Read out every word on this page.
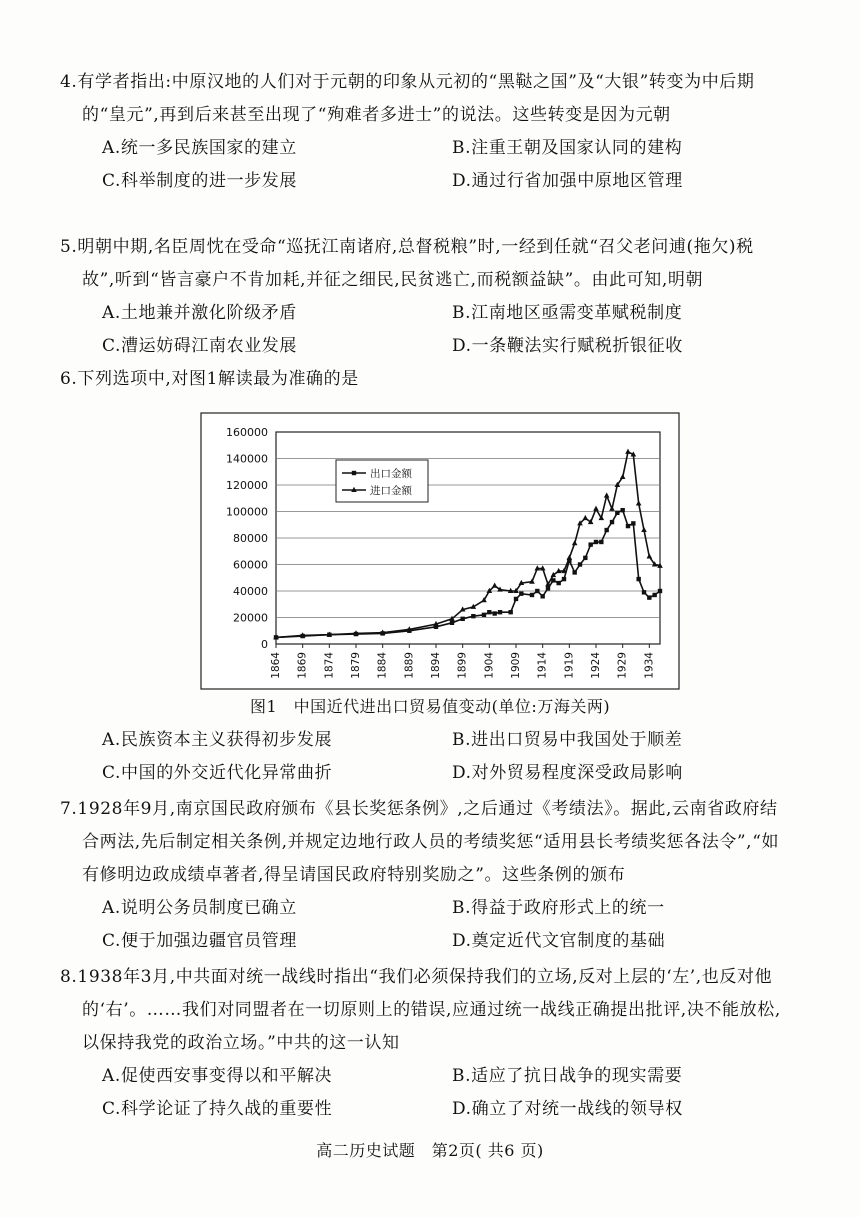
4.有学者指出:中原汉地的人们对于元朝的印象从元初的“黑鞑之国”及“大银”转变为中后期的“皇元”,再到后来甚至出现了“殉难者多进士”的说法。这些转变是因为元朝

A.统一多民族国家的建立	B.注重王朝及国家认同的建构
C.科举制度的进一步发展	D.通过行省加强中原地区管理

5.明朝中期,名臣周忱在受命“巡抚江南诸府,总督税粮”时,一经到任就“召父老问逋(拖欠)税故”,听到“皆言豪户不肯加耗,并征之细民,民贫逃亡,而税额益缺”。由此可知,明朝

A.土地兼并激化阶级矛盾	B.江南地区亟需变革赋税制度
C.漕运妨碍江南农业发展	D.一条鞭法实行赋税折银征收

6.下列选项中,对图1解读最为准确的是

160000
140000
120000
100000
80000
60000
40000
20000
0
1864 1869 1874 1879 1884 1889 1894 1899 1904 1909 1914 1919 1924 1929 1934
出口金额
进口金额
图1　中国近代进出口贸易值变动(单位:万海关两)
A.民族资本主义获得初步发展	B.进出口贸易中我国处于顺差
C.中国的外交近代化异常曲折	D.对外贸易程度深受政局影响

7.1928年9月,南京国民政府颁布《县长奖惩条例》,之后通过《考绩法》。据此,云南省政府结合两法,先后制定相关条例,并规定边地行政人员的考绩奖惩“适用县长考绩奖惩各法令”,“如有修明边政成绩卓著者,得呈请国民政府特别奖励之”。这些条例的颁布

A.说明公务员制度已确立	B.得益于政府形式上的统一
C.便于加强边疆官员管理	D.奠定近代文官制度的基础

8.1938年3月,中共面对统一战线时指出“我们必须保持我们的立场,反对上层的‘左’,也反对他的‘右’。……我们对同盟者在一切原则上的错误,应通过统一战线正确提出批评,决不能放松,以保持我党的政治立场。”中共的这一认知

A.促使西安事变得以和平解决	B.适应了抗日战争的现实需要
C.科学论证了持久战的重要性	D.确立了对统一战线的领导权
高二历史试题　第2页( 共6 页)
